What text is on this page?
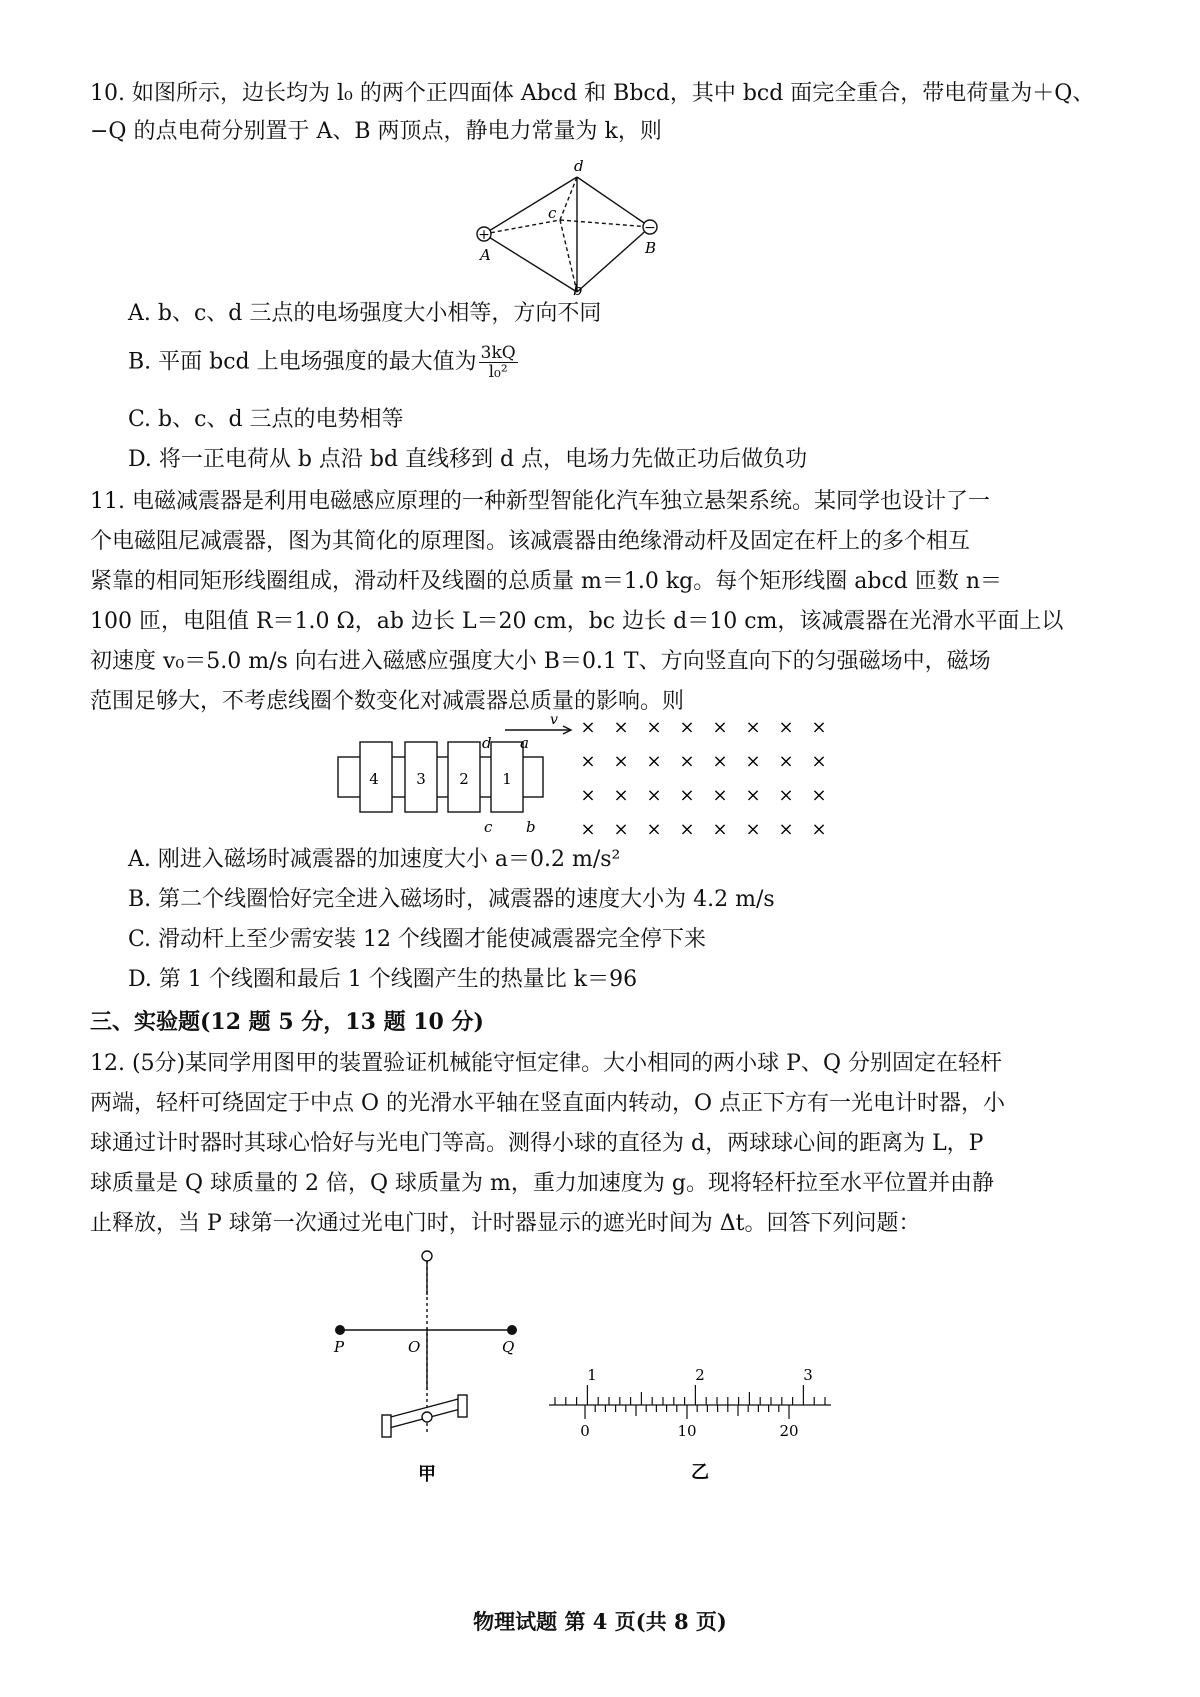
10. 如图所示，边长均为 l₀ 的两个正四面体 Abcd 和 Bbcd，其中 bcd 面完全重合，带电荷量为＋Q、
−Q 的点电荷分别置于 A、B 两顶点，静电力常量为 k，则
+	−
d
c
A	B
b
A. b、c、d 三点的电场强度大小相等，方向不同
B. 平面 bcd 上电场强度的最大值为 $\frac{3kQ}{\text{l₀²}}$
C. b、c、d 三点的电势相等
D. 将一正电荷从 b 点沿 bd 直线移到 d 点，电场力先做正功后做负功
11. 电磁减震器是利用电磁感应原理的一种新型智能化汽车独立悬架系统。某同学也设计了一
个电磁阻尼减震器，图为其简化的原理图。该减震器由绝缘滑动杆及固定在杆上的多个相互
紧靠的相同矩形线圈组成，滑动杆及线圈的总质量 m＝1.0 kg。每个矩形线圈 abcd 匝数 n＝
100 匝，电阻值 R＝1.0 Ω，ab 边长 L＝20 cm，bc 边长 d＝10 cm，该减震器在光滑水平面上以
初速度 v₀＝5.0 m/s 向右进入磁感应强度大小 B＝0.1 T、方向竖直向下的匀强磁场中，磁场
范围足够大，不考虑线圈个数变化对减震器总质量的影响。则
4 3 2 1
v
d a
c b
× × × × × × × ×
× × × × × × × ×
× × × × × × × ×
× × × × × × × ×
A. 刚进入磁场时减震器的加速度大小 a＝0.2 m/s²
B. 第二个线圈恰好完全进入磁场时，减震器的速度大小为 4.2 m/s
C. 滑动杆上至少需安装 12 个线圈才能使减震器完全停下来
D. 第 1 个线圈和最后 1 个线圈产生的热量比 k＝96
三、实验题(12 题 5 分，13 题 10 分)
12. (5分)某同学用图甲的装置验证机械能守恒定律。大小相同的两小球 P、Q 分别固定在轻杆
两端，轻杆可绕固定于中点 O 的光滑水平轴在竖直面内转动，O 点正下方有一光电计时器，小
球通过计时器时其球心恰好与光电门等高。测得小球的直径为 d，两球球心间的距离为 L，P
球质量是 Q 球质量的 2 倍，Q 球质量为 m，重力加速度为 g。现将轻杆拉至水平位置并由静
止释放，当 P 球第一次通过光电门时，计时器显示的遮光时间为 Δt。回答下列问题：
P	O	Q
甲
1	2	3
0	10	20
乙
物理试题 第 4 页(共 8 页)
